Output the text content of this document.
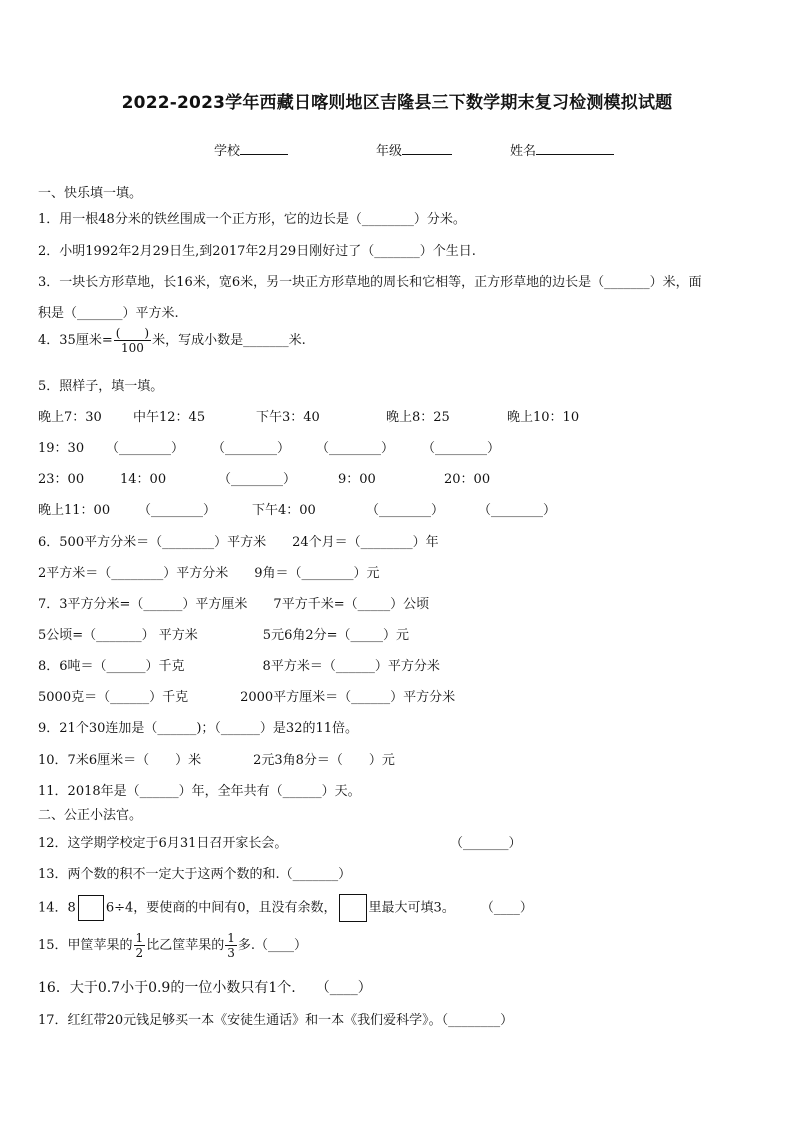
2022-2023学年西藏日喀则地区吉隆县三下数学期末复习检测模拟试题
学校	年级	姓名
一、快乐填一填。
1．用一根48分米的铁丝围成一个正方形，它的边长是（________）分米。
2．小明1992年2月29日生,到2017年2月29日刚好过了（_______）个生日.
3．一块长方形草地，长16米，宽6米，另一块正方形草地的周长和它相等，正方形草地的边长是（_______）米，面
积是（_______）平方米.
4．35厘米= $\frac{( )}{100}$ 米，写成小数是_______米.
5．照样子，填一填。
晚上7：30 中午12：45	下午3：40	晚上8：25	晚上10：10
19：30 （________） （________） （________） （________）
23：00	14：00	（________）	9：00	20：00
晚上11：00 （________）	下午4：00	（________）	（________）
6．500平方分米＝（________）平方米　　24个月＝（________）年
2平方米＝（________）平方分米　　9角＝（________）元
7．3平方分米=（______）平方厘米　　7平方千米=（_____）公顷
5公顷=（_______） 平方米　　　　　5元6角2分=（_____）元
8．6吨＝（______）千克　　　　　　8平方米＝（______）平方分米
5000克＝（______）千克　　　　2000平方厘米＝（______）平方分米
9．21个30连加是（______)；（______）是32的11倍。
10．7米6厘米＝（　　）米　　　　2元3角8分＝（　　）元
11．2018年是（______）年，全年共有（______）天。
二、公正小法官。
12．这学期学校定于6月31日召开家长会。	（_______）
13．两个数的积不一定大于这两个数的和.（_______）
14．8 6÷4，要使商的中间有0，且没有余数， 里最大可填3。 （____）
15．甲筐苹果的 $\frac{1}{2}$ 比乙筐苹果的 $\frac{1}{3}$ 多.（____）
16．大于0.7小于0.9的一位小数只有1个. （____）
17．红红带20元钱足够买一本《安徒生通话》和一本《我们爱科学》。（________）
